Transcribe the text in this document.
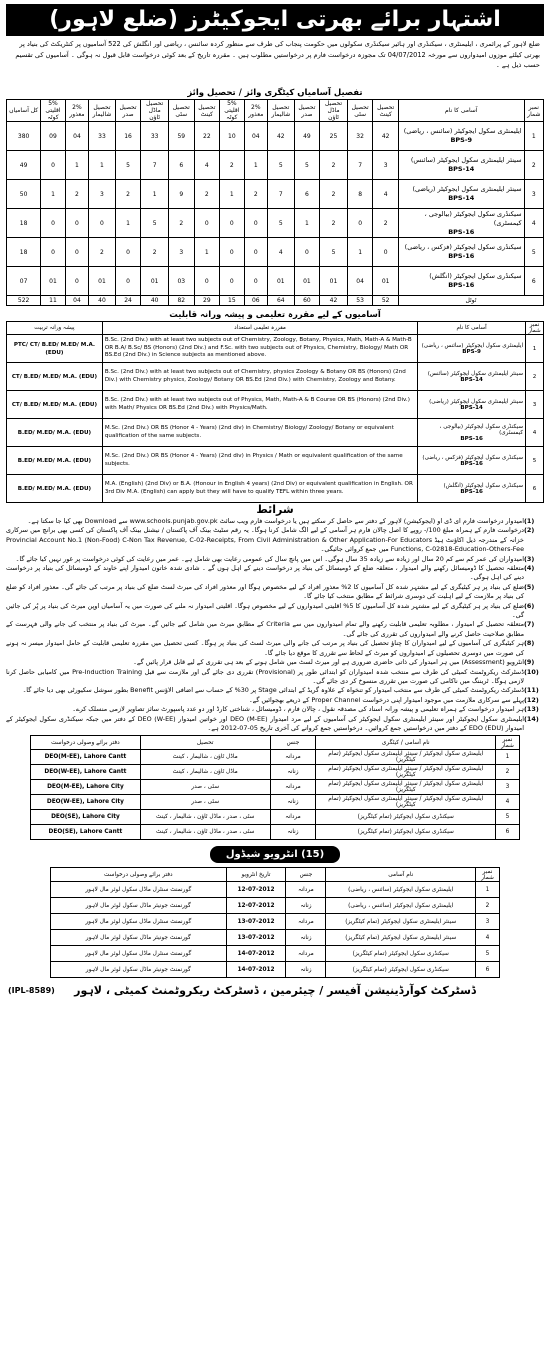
اشتہار برائے بھرتی ایجوکیٹرز (ضلع لاہور)
ضلع لاہور کے پرائمری ، ایلیمنٹری ، سیکنڈری اور ہائیر سیکنڈری سکولوں میں حکومت پنجاب کی طرف سے منظور کردہ سائنس ، ریاضی اور انگلش کی 522 آسامیوں پر کنٹریکٹ کی بنیاد پر بھرتی کیلئے موزوں امیدواروں سے مورخہ 04/07/2012 تک مجوزہ درخواست فارم پر درخواستیں مطلوب ہیں ۔ مقررہ تاریخ کے بعد کوئی درخواست قابل قبول نہ ہوگی ۔ آسامیوں کی تقسیم حسب ذیل ہے ۔
تفصیل آسامیاں کیٹگری وائز / تحصیل وائز
نمبر شمار	آسامی کا نام	تحصیل کینٹ	تحصیل سٹی	تحصیل ماڈل ٹاؤن	تحصیل صدر	تحصیل شالیمار	2% معذور	5% اقلیتی کوٹہ	تحصیل کینٹ	تحصیل سٹی	تحصیل ماڈل ٹاؤن	تحصیل صدر	تحصیل شالیمار	2% معذور	5% اقلیتی کوٹہ	کل آسامیاں
1	ایلیمنٹری سکول ایجوکیٹر (سائنس ، ریاضی)
BPS-9	42	32	25	49	42	04	10	22	59	33	16	33	04	09	380
2	سینئر ایلیمنٹری سکول ایجوکیٹر (سائنس)
BPS-14	3	7	2	5	5	1	2	4	6	7	5	1	1	0	49
3	سینئر ایلیمنٹری سکول ایجوکیٹر (ریاضی)
BPS-14	4	8	2	6	7	2	1	2	9	1	2	3	2	1	50
4	سیکنڈری سکول ایجوکیٹر (بیالوجی ، کیمسٹری)
BPS-16	2	0	2	1	5	0	0	0	2	5	1	0	0	0	18
5	سیکنڈری سکول ایجوکیٹر (فزکس ، ریاضی)
BPS-16	0	1	5	0	4	0	0	1	3	2	0	2	0	0	18
6	سیکنڈری سکول ایجوکیٹر (انگلش)
BPS-16	01	04	01	01	01	0	0	0	03	01	0	01	0	01	07
ٹوٹل		52	53	42	60	64	06	15	29	82	40	24	40	04	11	522
آسامیوں کے لیے مقررہ تعلیمی و پیشہ ورانہ قابلیت
نمبر شمار	آسامی کا نام	مقررہ تعلیمی استعداد	پیشہ ورانہ تربیت
1	ایلیمنٹری سکول ایجوکیٹر (سائنس ، ریاضی)
BPS-9	B.Sc. (2nd Div.) with at least two subjects out of Chemistry, Zoology, Botany, Physics, Math, Math-A & Math-B OR B.A/ B.Sc/ BS (Honors) (2nd Div.) and F.Sc. with two subjects out of Physics, Chemistry, Biology/ Math OR BS.Ed (2nd Div.) in Science subjects as mentioned above.	PTC/ CT/ B.ED/ M.ED/ M.A. (EDU)
2	سینئر ایلیمنٹری سکول ایجوکیٹر (سائنس)
BPS-14	B.Sc. (2nd Div.) with at least two subjects out of Chemistry, physics Zoology & Botany OR BS (Honors) (2nd Div.) with Chemistry physics, Zoology/ Botany OR BS.Ed (2nd Div.) with Chemistry, Zoology and Botany.	CT/ B.ED/ M.ED/ M.A. (EDU)
3	سینئر ایلیمنٹری سکول ایجوکیٹر (ریاضی)
BPS-14	B.Sc. (2nd Div.) with at least two subjects out of Physics, Math, Math-A & B Course OR BS (Honors) (2nd Div.) with Math/ Physics OR BS.Ed (2nd Div.) with Physics/Math.	CT/ B.ED/ M.ED/ M.A. (EDU)
4	سیکنڈری سکول ایجوکیٹر (بیالوجی ، کیمسٹری)
BPS-16	M.Sc. (2nd Div.) OR BS (Honor 4 - Years) (2nd div) in Chemistry/ Biology/ Zoology/ Botany or equivalent qualification of the same subjects.	B.ED/ M.ED/ M.A. (EDU)
5	سیکنڈری سکول ایجوکیٹر (فزکس ، ریاضی)
BPS-16	M.Sc. (2nd Div.) OR BS (Honor 4 - Years) (2nd div) in Physics / Math or equivalent qualification of the same subjects.	B.ED/ M.ED/ M.A. (EDU)
6	سیکنڈری سکول ایجوکیٹر (انگلش)
BPS-16	M.A. (English) (2nd Div) or B.A. (Honour in English 4 years) (2nd Div) or equivalent qualification in English. OR 3rd Div M.A. (English) can apply but they will have to qualify TEFL within three years.	B.ED/ M.ED/ M.A. (EDU)
شرائط
(1)
امیدوار درخواست فارم ای ڈی او (ایجوکیشن) لاہور کے دفتر سے حاصل کر سکتے ہیں یا درخواست فارم ویب سائٹ www.schools.punjab.gov.pk سے Download بھی کیا جا سکتا ہے۔
(2)
درخواست فارم کے ہمراہ مبلغ 100/- روپے کا اصل چالان فارم ہر آسامی کے لیے الگ شامل کرنا ہوگا۔ یہ رقم سٹیٹ بینک آف پاکستان / نیشنل بینک آف پاکستان کی کسی بھی برانچ میں سرکاری خزانہ کے مندرجہ ذیل اکاؤنٹ ہیڈ Provincial Account No.1 (Non-Food) C-Non Tax Revenue, C-02-Receipts, From Civil Administration & Other Application-For Educators Functions, C-02818-Education-Others-Fee میں جمع کروائی جائیگی۔
(3)
امیدواران کی عمر کم سے کم 20 سال اور زیادہ سے زیادہ 35 سال ہوگی۔ اس میں پانچ سال کی عمومی رعایت بھی شامل ہے۔ عمر میں رعایت کی کوئی درخواست پر غور نہیں کیا جائے گا۔
(4)
متعلقہ تحصیل کا ڈومیسائل رکھنے والے امیدوار ، متعلقہ ضلع کے ڈومیسائل کی بنیاد پر درخواست دینے کے اہل ہوں گے ۔ شادی شدہ خاتون امیدوار اپنے خاوند کے ڈومیسائل کی بنیاد پر درخواست دینے کی اہل ہوگی۔
(5)
ضلع کی بنیاد پر ہر کیٹیگری کے لیے مشتہر شدہ کل آسامیوں کا 2% معذور افراد کے لیے مخصوص ہوگا اور معذور افراد کی میرٹ لسٹ ضلع کی بنیاد پر مرتب کی جائے گی۔ معذور افراد کو ضلع کی بنیاد پر ملازمت کے لیے اہلیت کی دوسری شرائط کے مطابق منتخب کیا جائے گا۔
(6)
ضلع کی بنیاد پر ہر کیٹیگری کے لیے مشتہر شدہ کل آسامیوں کا 5% اقلیتی امیدواروں کے لیے مخصوص ہوگا۔ اقلیتی امیدوار نہ ملنے کی صورت میں یہ آسامیاں اوپن میرٹ کی بنیاد پر پُر کی جائیں گی۔
(7)
متعلقہ تحصیل کے امیدوار ، مطلوبہ تعلیمی قابلیت رکھنے والے تمام امیدواروں میں سے Criteria کے مطابق میرٹ میں شامل کیے جائیں گے۔ میرٹ کی بنیاد پر منتخب کی جانے والی فہرست کے مطابق صلاحیت حاصل کرنے والے امیدواروں کی تقرری کی جائے گی۔
(8)
ہر کیٹیگری کی آسامیوں کے لیے امیدواران کا چناؤ تحصیل کی بنیاد پر مرتب کی جانے والی میرٹ لسٹ کی بنیاد پر ہوگا۔ کسی تحصیل میں مقررہ تعلیمی قابلیت کے حامل امیدوار میسر نہ ہونے کی صورت میں دوسری تحصیلوں کے امیدواروں کو میرٹ کے لحاظ سے تقرری کا موقع دیا جائے گا۔
(9)
انٹرویو (Assessment) میں ہر امیدوار کی ذاتی حاضری ضروری ہے اور میرٹ لسٹ میں شامل ہونے کے بعد ہی تقرری کے لیے قابل قرار پائیں گے۔
(10)
ڈسٹرکٹ ریکروٹمنٹ کمیٹی کی طرف سے منتخب شدہ امیدواران کو ابتدائی طور پر (Provisional) تقرری دی جائے گی اور ملازمت سے قبل Pre-Induction Training میں کامیابی حاصل کرنا لازمی ہوگا۔ ٹریننگ میں ناکامی کی صورت میں تقرری منسوخ کر دی جائے گی۔
(11)
ڈسٹرکٹ ریکروٹمنٹ کمیٹی کی طرف سے منتخب امیدوار کو تنخواہ کے علاوہ گریڈ کے ابتدائی Stage پر 30% کے حساب سے اضافی الاؤنس Benefit بطور سوشل سکیورٹی بھی دیا جائے گا۔
(12)
پہلے سے سرکاری ملازمت میں موجود امیدوار اپنی درخواست Proper Channel کے ذریعے بھجوائیں گے۔
(13)
ہر امیدوار درخواست کے ہمراہ تعلیمی و پیشہ ورانہ اسناد کی مصدقہ نقول ، چالان فارم ، ڈومیسائل ، شناختی کارڈ اور دو عدد پاسپورٹ سائز تصاویر لازمی منسلک کرے۔
(14)
ایلیمنٹری سکول ایجوکیٹر اور سینئر ایلیمنٹری سکول ایجوکیٹر کی آسامیوں کے لیے مرد امیدوار DEO (M-EE) اور خواتین امیدوار DEO (W-EE) کے دفتر میں جبکہ سیکنڈری سکول ایجوکیٹر کے امیدوار EDO (EDU) کے دفتر میں درخواستیں جمع کروائیں۔ درخواستیں جمع کروانے کی آخری تاریخ 05-07-2012 ہے۔
نمبر شمار	نام آسامی / کیٹگری	جنس	تحصیل	دفتر برائے وصولی درخواست
1	ایلیمنٹری سکول ایجوکیٹر / سینئر ایلیمنٹری سکول ایجوکیٹر (تمام کیٹگریز)	مردانہ	ماڈل ٹاؤن ، شالیمار ، کینٹ	DEO(M-EE), Lahore Cantt
2	ایلیمنٹری سکول ایجوکیٹر / سینئر ایلیمنٹری سکول ایجوکیٹر (تمام کیٹگریز)	زنانہ	ماڈل ٹاؤن ، شالیمار ، کینٹ	DEO(W-EE), Lahore Cantt
3	ایلیمنٹری سکول ایجوکیٹر / سینئر ایلیمنٹری سکول ایجوکیٹر (تمام کیٹگریز)	مردانہ	سٹی ، صدر	DEO(M-EE), Lahore City
4	ایلیمنٹری سکول ایجوکیٹر / سینئر ایلیمنٹری سکول ایجوکیٹر (تمام کیٹگریز)	زنانہ	سٹی ، صدر	DEO(W-EE), Lahore City
5	سیکنڈری سکول ایجوکیٹر (تمام کیٹگریز)	مردانہ	سٹی ، صدر ، ماڈل ٹاؤن ، شالیمار ، کینٹ	DEO(SE), Lahore City
6	سیکنڈری سکول ایجوکیٹر (تمام کیٹگریز)	زنانہ	سٹی ، صدر ، ماڈل ٹاؤن ، شالیمار ، کینٹ	DEO(SE), Lahore Cantt
(15) انٹرویو شیڈول
نمبر شمار	نام آسامی	جنس	تاریخ انٹرویو	دفتر برائے وصولی درخواست
1	ایلیمنٹری سکول ایجوکیٹر (سائنس ، ریاضی)	مردانہ	12-07-2012	گورنمنٹ سنٹرل ماڈل سکول لوئر مال لاہور
2	ایلیمنٹری سکول ایجوکیٹر (سائنس ، ریاضی)	زنانہ	12-07-2012	گورنمنٹ جونیئر ماڈل سکول لوئر مال لاہور
3	سینئر ایلیمنٹری سکول ایجوکیٹر (تمام کیٹگریز)	مردانہ	13-07-2012	گورنمنٹ سنٹرل ماڈل سکول لوئر مال لاہور
4	سینئر ایلیمنٹری سکول ایجوکیٹر (تمام کیٹگریز)	زنانہ	13-07-2012	گورنمنٹ جونیئر ماڈل سکول لوئر مال لاہور
5	سیکنڈری سکول ایجوکیٹر (تمام کیٹگریز)	مردانہ	14-07-2012	گورنمنٹ سنٹرل ماڈل سکول لوئر مال لاہور
6	سیکنڈری سکول ایجوکیٹر (تمام کیٹگریز)	زنانہ	14-07-2012	گورنمنٹ جونیئر ماڈل سکول لوئر مال لاہور
(IPL-8589) ڈسٹرکٹ کوآرڈینیشن آفیسر / چیئرمین ، ڈسٹرکٹ ریکروٹمنٹ کمیٹی ، لاہور
